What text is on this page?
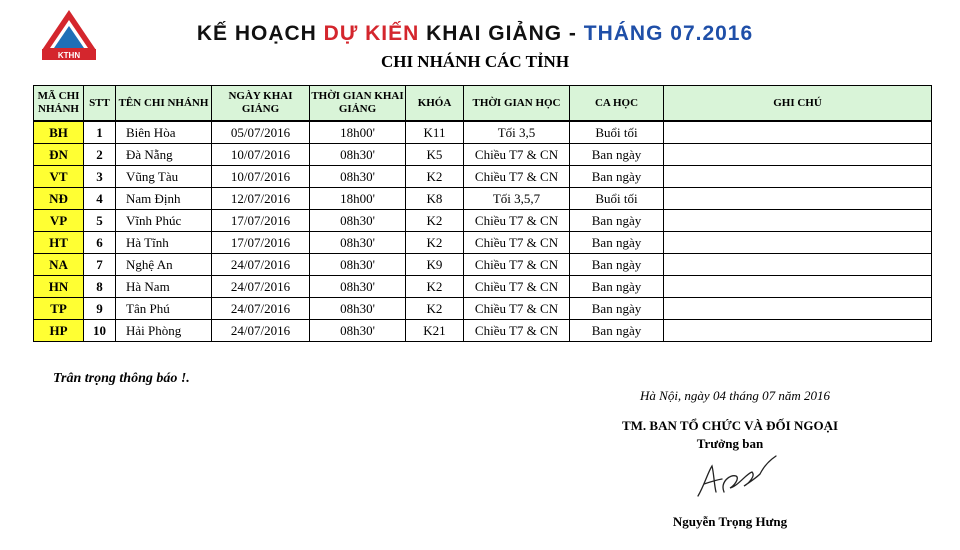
KTHN
KẾ HOẠCH DỰ KIẾN KHAI GIẢNG - THÁNG 07.2016
CHI NHÁNH CÁC TỈNH
MÃ CHI NHÁNH	STT	TÊN CHI NHÁNH	NGÀY KHAI GIẢNG	THỜI GIAN KHAI GIẢNG	KHÓA	THỜI GIAN HỌC	CA HỌC	GHI CHÚ
BH	1	Biên Hòa	05/07/2016	18h00'	K11	Tối 3,5	Buổi tối	
ĐN	2	Đà Nẵng	10/07/2016	08h30'	K5	Chiều T7 & CN	Ban ngày	
VT	3	Vũng Tàu	10/07/2016	08h30'	K2	Chiều T7 & CN	Ban ngày	
NĐ	4	Nam Định	12/07/2016	18h00'	K8	Tối 3,5,7	Buổi tối	
VP	5	Vĩnh Phúc	17/07/2016	08h30'	K2	Chiều T7 & CN	Ban ngày	
HT	6	Hà Tĩnh	17/07/2016	08h30'	K2	Chiều T7 & CN	Ban ngày	
NA	7	Nghệ An	24/07/2016	08h30'	K9	Chiều T7 & CN	Ban ngày	
HN	8	Hà Nam	24/07/2016	08h30'	K2	Chiều T7 & CN	Ban ngày	
TP	9	Tân Phú	24/07/2016	08h30'	K2	Chiều T7 & CN	Ban ngày	
HP	10	Hải Phòng	24/07/2016	08h30'	K21	Chiều T7 & CN	Ban ngày	
Trân trọng thông báo !.
Hà Nội, ngày 04 tháng 07 năm 2016
TM. BAN TỔ CHỨC VÀ ĐỐI NGOẠI
Trưởng ban
Nguyễn Trọng Hưng
